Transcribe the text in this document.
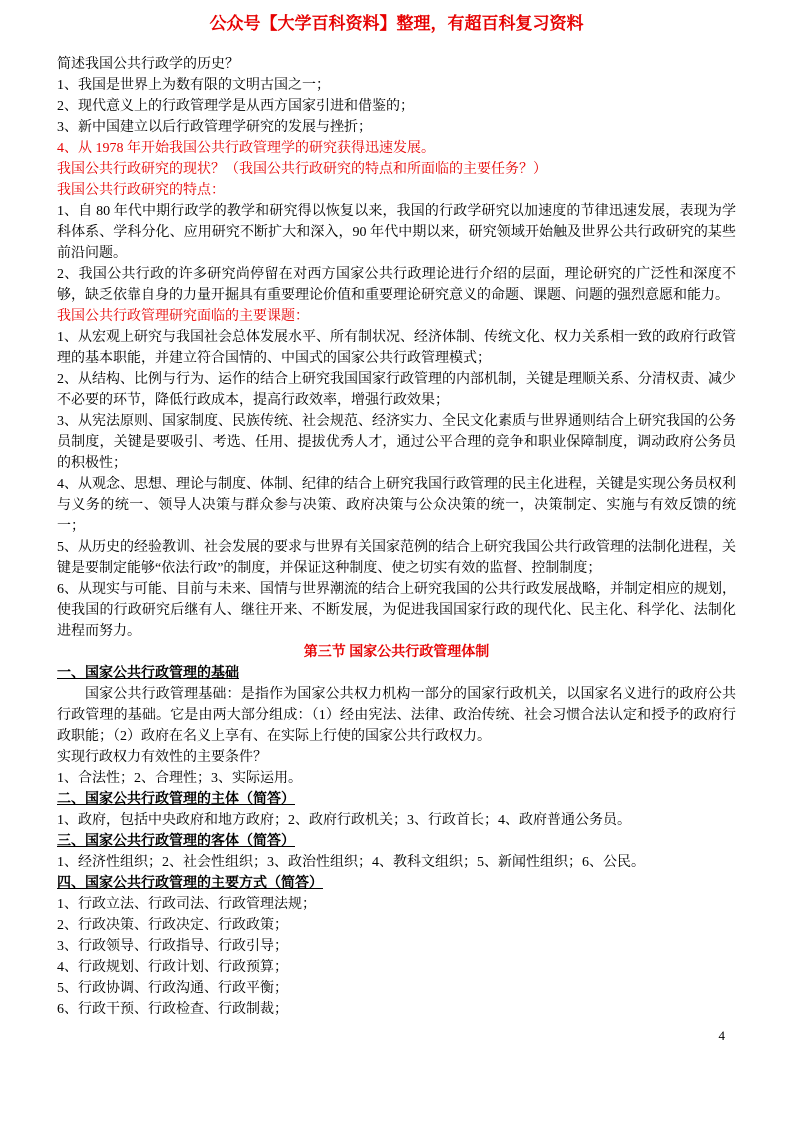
公众号【大学百科资料】整理，有超百科复习资料
简述我国公共行政学的历史？
1、我国是世界上为数有限的文明古国之一；
2、现代意义上的行政管理学是从西方国家引进和借鉴的；
3、新中国建立以后行政管理学研究的发展与挫折；
4、从 1978 年开始我国公共行政管理学的研究获得迅速发展。
我国公共行政研究的现状？（我国公共行政研究的特点和所面临的主要任务？）
我国公共行政研究的特点：
1、自 80 年代中期行政学的教学和研究得以恢复以来，我国的行政学研究以加速度的节律迅速发展，表现为学科体系、学科分化、应用研究不断扩大和深入，90 年代中期以来，研究领域开始触及世界公共行政研究的某些前沿问题。
2、我国公共行政的许多研究尚停留在对西方国家公共行政理论进行介绍的层面，理论研究的广泛性和深度不够，缺乏依靠自身的力量开掘具有重要理论价值和重要理论研究意义的命题、课题、问题的强烈意愿和能力。
我国公共行政管理研究面临的主要课题：
1、从宏观上研究与我国社会总体发展水平、所有制状况、经济体制、传统文化、权力关系相一致的政府行政管理的基本职能，并建立符合国情的、中国式的国家公共行政管理模式；
2、从结构、比例与行为、运作的结合上研究我国国家行政管理的内部机制，关键是理顺关系、分清权责、减少不必要的环节，降低行政成本，提高行政效率，增强行政效果；
3、从宪法原则、国家制度、民族传统、社会规范、经济实力、全民文化素质与世界通则结合上研究我国的公务员制度，关键是要吸引、考选、任用、提拔优秀人才，通过公平合理的竞争和职业保障制度，调动政府公务员的积极性；
4、从观念、思想、理论与制度、体制、纪律的结合上研究我国行政管理的民主化进程，关键是实现公务员权利与义务的统一、领导人决策与群众参与决策、政府决策与公众决策的统一，决策制定、实施与有效反馈的统一；
5、从历史的经验教训、社会发展的要求与世界有关国家范例的结合上研究我国公共行政管理的法制化进程，关键是要制定能够“依法行政”的制度，并保证这种制度、使之切实有效的监督、控制制度；
6、从现实与可能、目前与未来、国情与世界潮流的结合上研究我国的公共行政发展战略，并制定相应的规划，使我国的行政研究后继有人、继往开来、不断发展，为促进我国国家行政的现代化、民主化、科学化、法制化进程而努力。
第三节 国家公共行政管理体制
一、国家公共行政管理的基础
国家公共行政管理基础：是指作为国家公共权力机构一部分的国家行政机关，以国家名义进行的政府公共行政管理的基础。它是由两大部分组成：（1）经由宪法、法律、政治传统、社会习惯合法认定和授予的政府行政职能；（2）政府在名义上享有、在实际上行使的国家公共行政权力。
实现行政权力有效性的主要条件？
1、合法性；2、合理性；3、实际运用。
二、国家公共行政管理的主体（简答）
1、政府，包括中央政府和地方政府；2、政府行政机关；3、行政首长；4、政府普通公务员。
三、国家公共行政管理的客体（简答）
1、经济性组织；2、社会性组织；3、政治性组织；4、教科文组织；5、新闻性组织；6、公民。
四、国家公共行政管理的主要方式（简答）
1、行政立法、行政司法、行政管理法规；
2、行政决策、行政决定、行政政策；
3、行政领导、行政指导、行政引导；
4、行政规划、行政计划、行政预算；
5、行政协调、行政沟通、行政平衡；
6、行政干预、行政检查、行政制裁；
4
